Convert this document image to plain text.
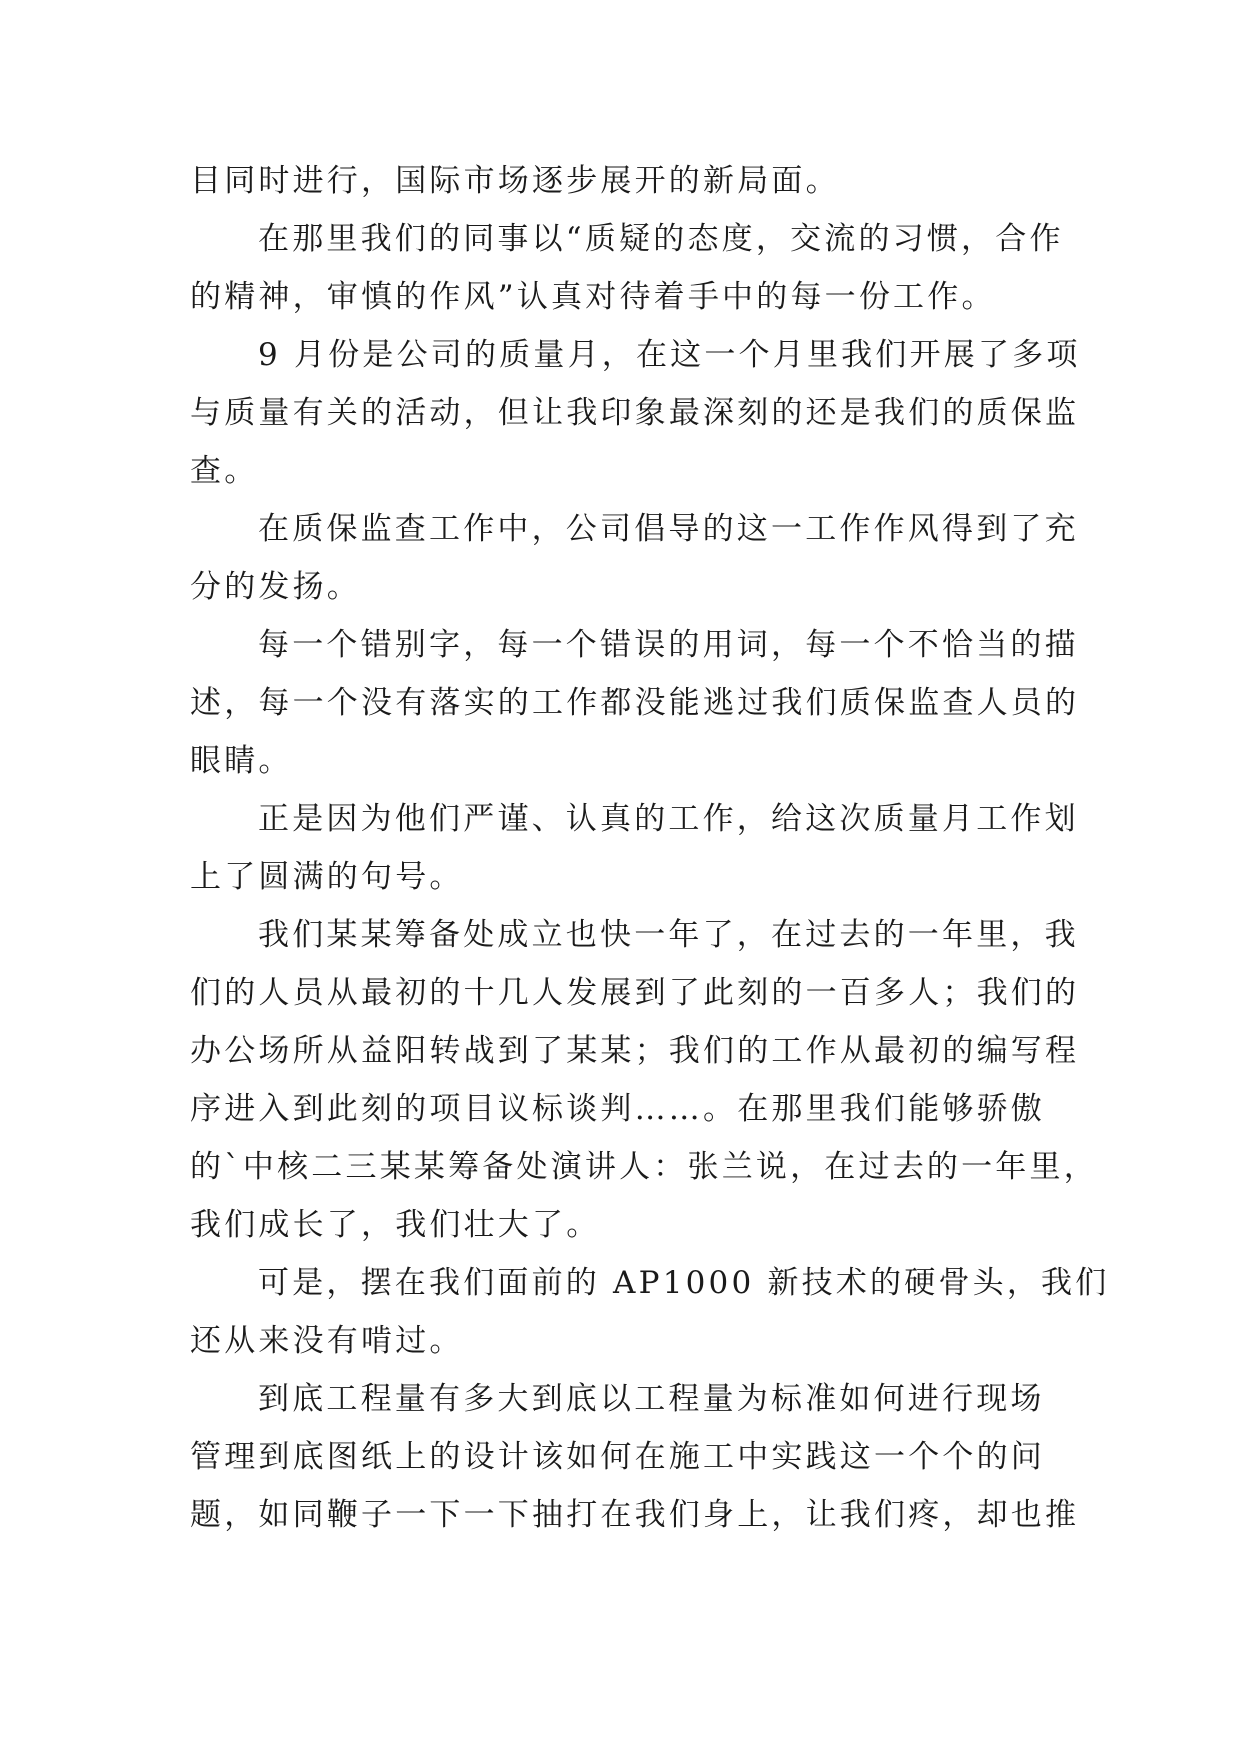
目同时进行，国际市场逐步展开的新局面。
在那里我们的同事以“质疑的态度，交流的习惯，合作
的精神，审慎的作风”认真对待着手中的每一份工作。
9 月份是公司的质量月，在这一个月里我们开展了多项
与质量有关的活动，但让我印象最深刻的还是我们的质保监
查。
在质保监查工作中，公司倡导的这一工作作风得到了充
分的发扬。
每一个错别字，每一个错误的用词，每一个不恰当的描
述，每一个没有落实的工作都没能逃过我们质保监查人员的
眼睛。
正是因为他们严谨、认真的工作，给这次质量月工作划
上了圆满的句号。
我们某某筹备处成立也快一年了，在过去的一年里，我
们的人员从最初的十几人发展到了此刻的一百多人；我们的
办公场所从益阳转战到了某某；我们的工作从最初的编写程
序进入到此刻的项目议标谈判……。在那里我们能够骄傲
的`中核二三某某筹备处演讲人：张兰说，在过去的一年里，
我们成长了，我们壮大了。
可是，摆在我们面前的 AP1000 新技术的硬骨头，我们
还从来没有啃过。
到底工程量有多大到底以工程量为标准如何进行现场
管理到底图纸上的设计该如何在施工中实践这一个个的问
题，如同鞭子一下一下抽打在我们身上，让我们疼，却也推
